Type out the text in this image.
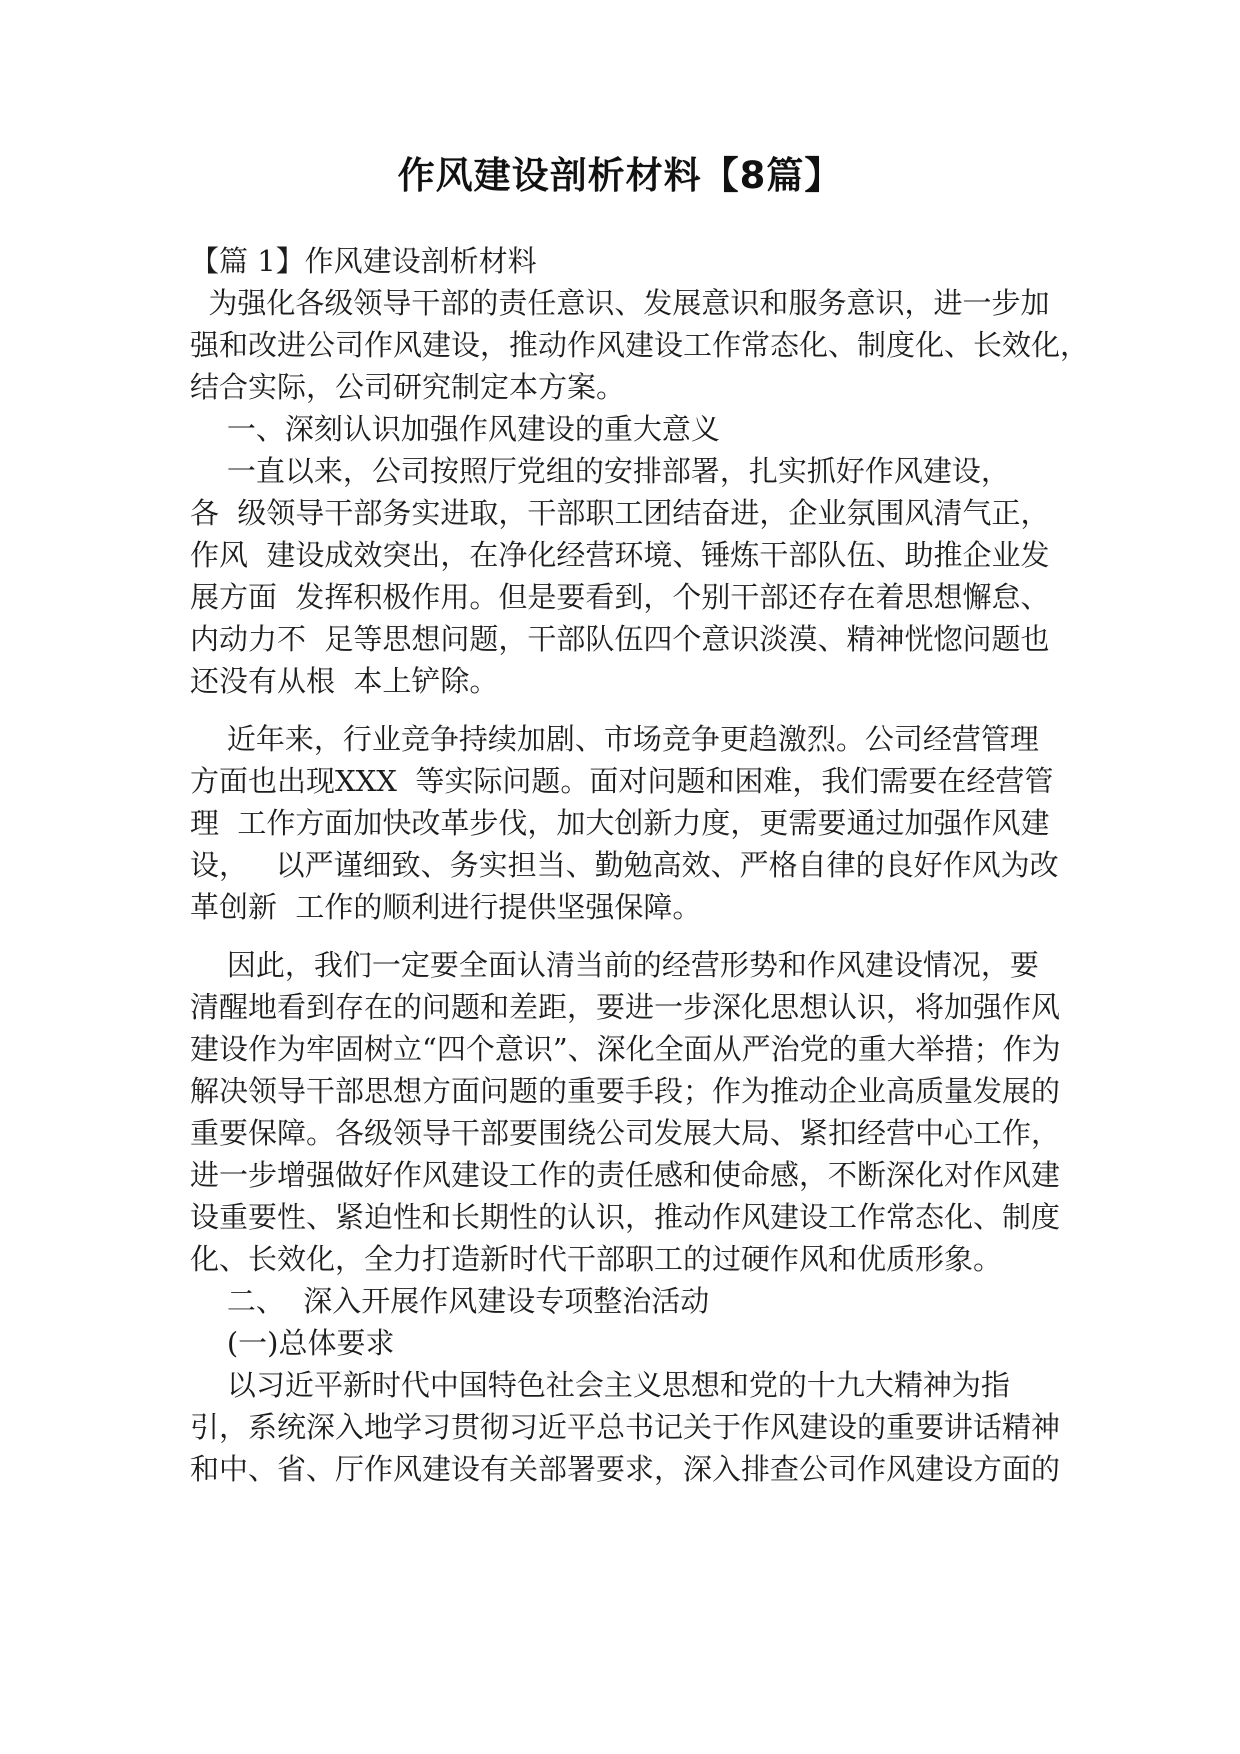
作风建设剖析材料【8篇】
【篇 1】作风建设剖析材料
为强化各级领导干部的责任意识、发展意识和服务意识，进一步加
强和改进公司作风建设，推动作风建设工作常态化、制度化、长效化，
结合实际，公司研究制定本方案。
一、深刻认识加强作风建设的重大意义
一直以来，公司按照厅党组的安排部署，扎实抓好作风建设，
各  级领导干部务实进取，干部职工团结奋进，企业氛围风清气正，
作风  建设成效突出，在净化经营环境、锤炼干部队伍、助推企业发
展方面  发挥积极作用。但是要看到，个别干部还存在着思想懈怠、
内动力不  足等思想问题，干部队伍四个意识淡漠、精神恍惚问题也
还没有从根  本上铲除。
近年来，行业竞争持续加剧、市场竞争更趋激烈。公司经营管理
方面也出现XXX  等实际问题。面对问题和困难，我们需要在经营管
理  工作方面加快改革步伐，加大创新力度，更需要通过加强作风建
设，   以严谨细致、务实担当、勤勉高效、严格自律的良好作风为改
革创新  工作的顺利进行提供坚强保障。
因此，我们一定要全面认清当前的经营形势和作风建设情况，要
清醒地看到存在的问题和差距，要进一步深化思想认识，将加强作风
建设作为牢固树立“四个意识”、深化全面从严治党的重大举措；作为
解决领导干部思想方面问题的重要手段；作为推动企业高质量发展的
重要保障。各级领导干部要围绕公司发展大局、紧扣经营中心工作，
进一步增强做好作风建设工作的责任感和使命感，不断深化对作风建
设重要性、紧迫性和长期性的认识，推动作风建设工作常态化、制度
化、长效化，全力打造新时代干部职工的过硬作风和优质形象。
二、  深入开展作风建设专项整治活动
(一)总体要求
以习近平新时代中国特色社会主义思想和党的十九大精神为指
引，系统深入地学习贯彻习近平总书记关于作风建设的重要讲话精神
和中、省、厅作风建设有关部署要求，深入排查公司作风建设方面的
